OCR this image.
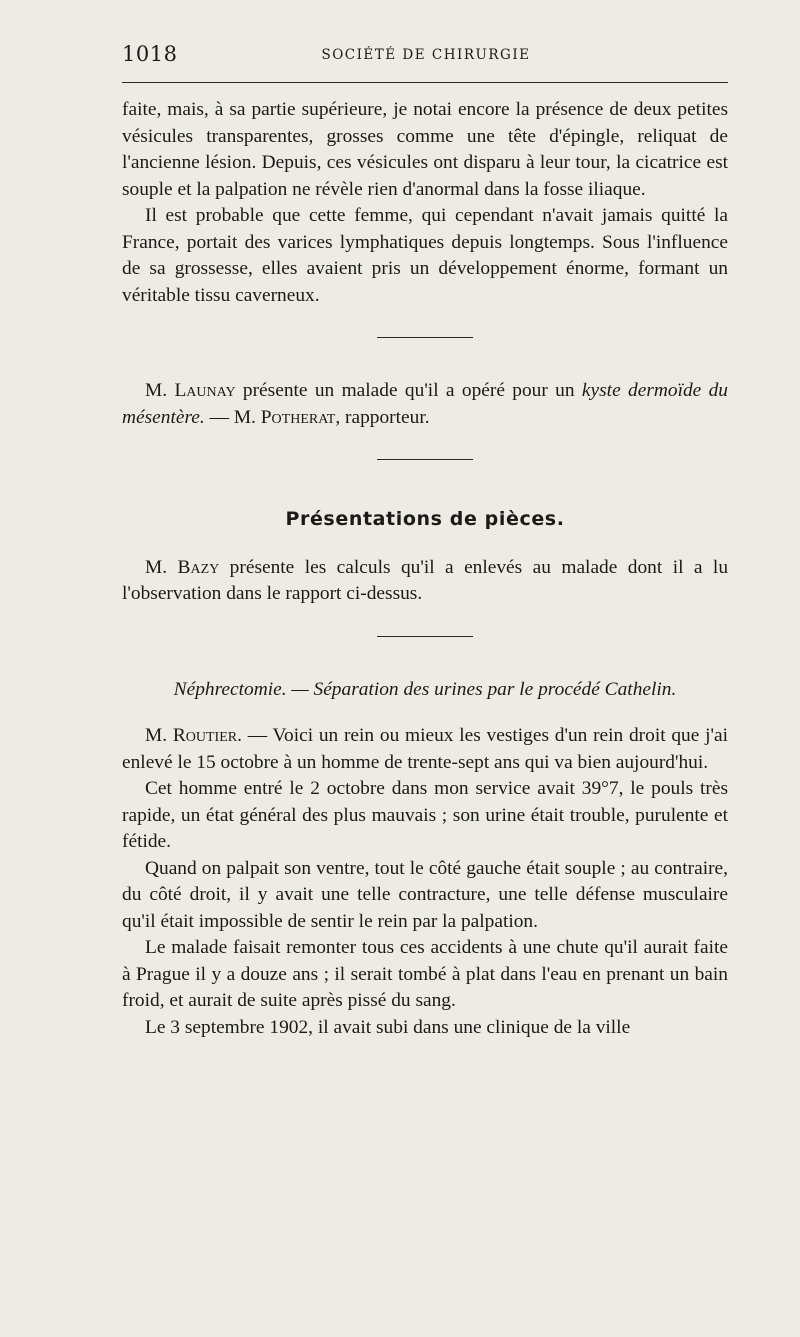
1018	SOCIÉTÉ DE CHIRURGIE

faite, mais, à sa partie supérieure, je notai encore la présence de deux petites vésicules transparentes, grosses comme une tête d'épingle, reliquat de l'ancienne lésion. Depuis, ces vésicules ont disparu à leur tour, la cicatrice est souple et la palpation ne révèle rien d'anormal dans la fosse iliaque.

Il est probable que cette femme, qui cependant n'avait jamais quitté la France, portait des varices lymphatiques depuis longtemps. Sous l'influence de sa grossesse, elles avaient pris un développement énorme, formant un véritable tissu caverneux.

M. Launay présente un malade qu'il a opéré pour un kyste dermoïde du mésentère. — M. Potherat, rapporteur.

Présentations de pièces.

M. Bazy présente les calculs qu'il a enlevés au malade dont il a lu l'observation dans le rapport ci-dessus.

Néphrectomie. — Séparation des urines par le procédé Cathelin.

M. Routier. — Voici un rein ou mieux les vestiges d'un rein droit que j'ai enlevé le 15 octobre à un homme de trente-sept ans qui va bien aujourd'hui.

Cet homme entré le 2 octobre dans mon service avait 39°7, le pouls très rapide, un état général des plus mauvais ; son urine était trouble, purulente et fétide.

Quand on palpait son ventre, tout le côté gauche était souple ; au contraire, du côté droit, il y avait une telle contracture, une telle défense musculaire qu'il était impossible de sentir le rein par la palpation.

Le malade faisait remonter tous ces accidents à une chute qu'il aurait faite à Prague il y a douze ans ; il serait tombé à plat dans l'eau en prenant un bain froid, et aurait de suite après pissé du sang.

Le 3 septembre 1902, il avait subi dans une clinique de la ville
